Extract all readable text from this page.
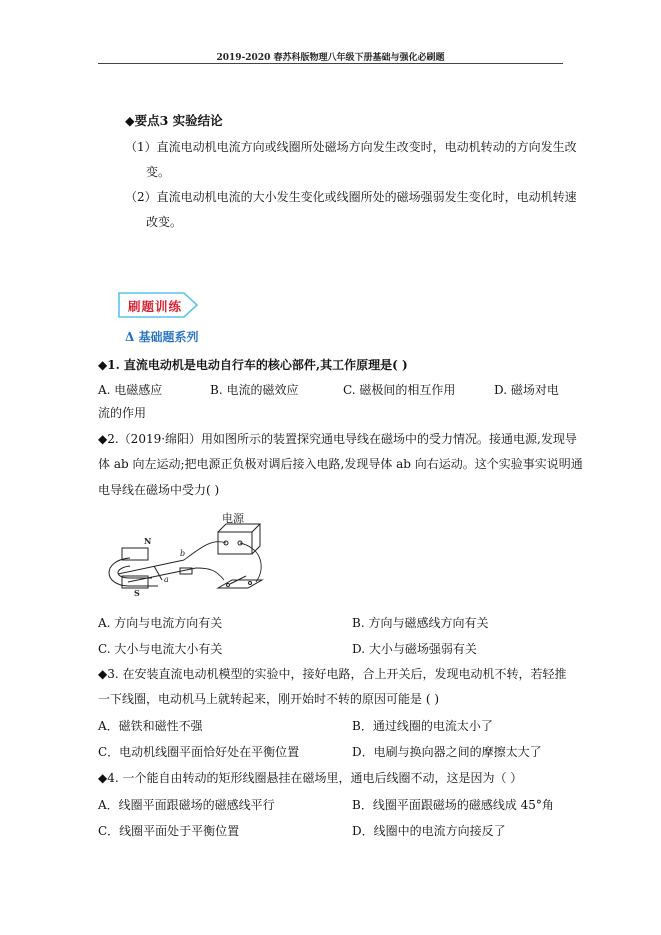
2019-2020 春苏科版物理八年级下册基础与强化必刷题
◆要点3 实验结论
（1）直流电动机电流方向或线圈所处磁场方向发生改变时，电动机转动的方向发生改
变。
（2）直流电动机电流的大小发生变化或线圈所处的磁场强弱发生变化时，电动机转速
改变。
刷题训练
Δ 基础题系列
◆1. 直流电动机是电动自行车的核心部件,其工作原理是( )
A. 电磁感应	B. 电流的磁效应	C. 磁极间的相互作用	D. 磁场对电
流的作用
◆2.（2019·绵阳）用如图所示的装置探究通电导线在磁场中的受力情况。接通电源,发现导
体 ab 向左运动;把电源正负极对调后接入电路,发现导体 ab 向右运动。这个实验事实说明通
电导线在磁场中受力( )
电源
N
S
b
a
A. 方向与电流方向有关	B. 方向与磁感线方向有关
C. 大小与电流大小有关	D. 大小与磁场强弱有关
◆3. 在安装直流电动机模型的实验中，接好电路，合上开关后，发现电动机不转，若轻推
一下线圈，电动机马上就转起来，刚开始时不转的原因可能是 ( )
A．磁铁和磁性不强	B．通过线圈的电流太小了
C．电动机线圈平面恰好处在平衡位置	D．电刷与换向器之间的摩擦太大了
◆4. 一个能自由转动的矩形线圈悬挂在磁场里，通电后线圈不动，这是因为（ ）
A．线圈平面跟磁场的磁感线平行	B．线圈平面跟磁场的磁感线成 45°角
C．线圈平面处于平衡位置	D．线圈中的电流方向接反了
